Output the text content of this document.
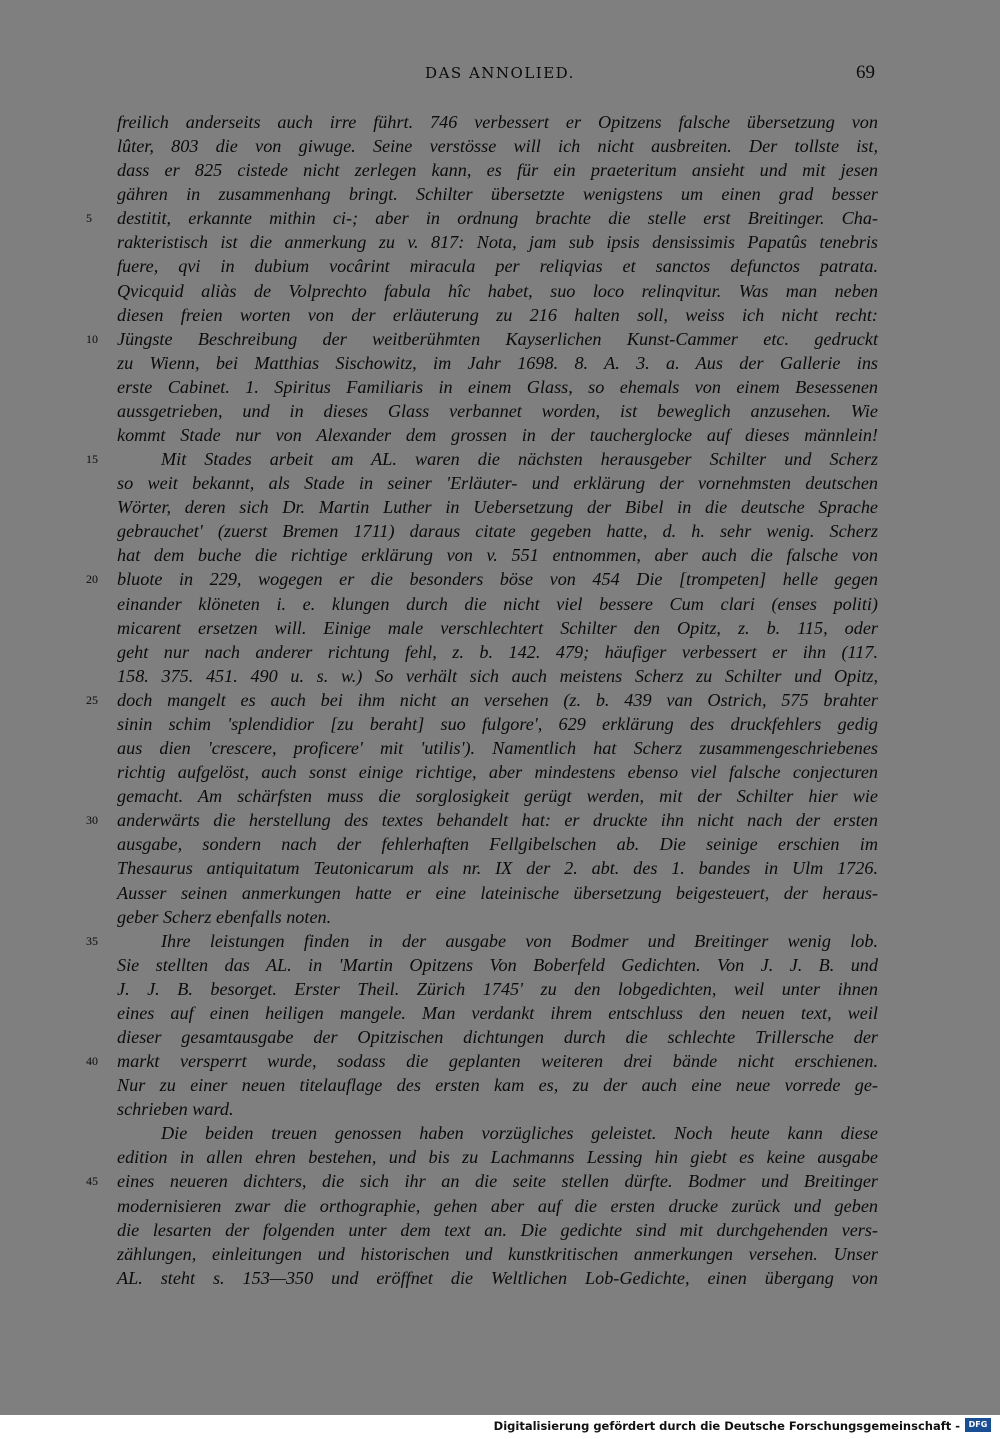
DAS ANNOLIED.	69
freilich anderseits auch irre führt. 746 verbessert er Opitzens falsche übersetzung von
lûter, 803 die von giwuge. Seine verstösse will ich nicht ausbreiten. Der tollste ist,
dass er 825 cistede nicht zerlegen kann, es für ein praeteritum ansieht und mit jesen
gähren in zusammenhang bringt. Schilter übersetzte wenigstens um einen grad besser
5 destitit, erkannte mithin ci-; aber in ordnung brachte die stelle erst Breitinger. Cha-
rakteristisch ist die anmerkung zu v. 817: Nota, jam sub ipsis densissimis Papatûs tenebris
fuere, qvi in dubium vocârint miracula per reliqvias et sanctos defunctos patrata.
Qvicquid aliàs de Volprechto fabula hîc habet, suo loco relinqvitur. Was man neben
diesen freien worten von der erläuterung zu 216 halten soll, weiss ich nicht recht:
10 Jüngste Beschreibung der weitberühmten Kayserlichen Kunst-Cammer etc. gedruckt
zu Wienn, bei Matthias Sischowitz, im Jahr 1698. 8. A. 3. a. Aus der Gallerie ins
erste Cabinet. 1. Spiritus Familiaris in einem Glass, so ehemals von einem Besessenen
aussgetrieben, und in dieses Glass verbannet worden, ist beweglich anzusehen. Wie
kommt Stade nur von Alexander dem grossen in der taucherglocke auf dieses männlein!
15	Mit Stades arbeit am AL. waren die nächsten herausgeber Schilter und Scherz
so weit bekannt, als Stade in seiner 'Erläuter- und erklärung der vornehmsten deutschen
Wörter, deren sich Dr. Martin Luther in Uebersetzung der Bibel in die deutsche Sprache
gebrauchet' (zuerst Bremen 1711) daraus citate gegeben hatte, d. h. sehr wenig. Scherz
hat dem buche die richtige erklärung von v. 551 entnommen, aber auch die falsche von
20 bluote in 229, wogegen er die besonders böse von 454 Die [trompeten] helle gegen
einander klöneten i. e. klungen durch die nicht viel bessere Cum clari (enses politi)
micarent ersetzen will. Einige male verschlechtert Schilter den Opitz, z. b. 115, oder
geht nur nach anderer richtung fehl, z. b. 142. 479; häufiger verbessert er ihn (117.
158. 375. 451. 490 u. s. w.) So verhält sich auch meistens Scherz zu Schilter und Opitz,
25 doch mangelt es auch bei ihm nicht an versehen (z. b. 439 van Ostrich, 575 brahter
sinin schim 'splendidior [zu beraht] suo fulgore', 629 erklärung des druckfehlers gedig
aus dien 'crescere, proficere' mit 'utilis'). Namentlich hat Scherz zusammengeschriebenes
richtig aufgelöst, auch sonst einige richtige, aber mindestens ebenso viel falsche conjecturen
gemacht. Am schärfsten muss die sorglosigkeit gerügt werden, mit der Schilter hier wie
30 anderwärts die herstellung des textes behandelt hat: er druckte ihn nicht nach der ersten
ausgabe, sondern nach der fehlerhaften Fellgibelschen ab. Die seinige erschien im
Thesaurus antiquitatum Teutonicarum als nr. IX der 2. abt. des 1. bandes in Ulm 1726.
Ausser seinen anmerkungen hatte er eine lateinische übersetzung beigesteuert, der heraus-
geber Scherz ebenfalls noten.
35	Ihre leistungen finden in der ausgabe von Bodmer und Breitinger wenig lob.
Sie stellten das AL. in 'Martin Opitzens Von Boberfeld Gedichten. Von J. J. B. und
J. J. B. besorget. Erster Theil. Zürich 1745' zu den lobgedichten, weil unter ihnen
eines auf einen heiligen mangele. Man verdankt ihrem entschluss den neuen text, weil
dieser gesamtausgabe der Opitzischen dichtungen durch die schlechte Trillersche der
40 markt versperrt wurde, sodass die geplanten weiteren drei bände nicht erschienen.
Nur zu einer neuen titelauflage des ersten kam es, zu der auch eine neue vorrede ge-
schrieben ward.
Die beiden treuen genossen haben vorzügliches geleistet. Noch heute kann diese
edition in allen ehren bestehen, und bis zu Lachmanns Lessing hin giebt es keine ausgabe
45 eines neueren dichters, die sich ihr an die seite stellen dürfte. Bodmer und Breitinger
modernisieren zwar die orthographie, gehen aber auf die ersten drucke zurück und geben
die lesarten der folgenden unter dem text an. Die gedichte sind mit durchgehenden vers-
zählungen, einleitungen und historischen und kunstkritischen anmerkungen versehen. Unser
AL. steht s. 153—350 und eröffnet die Weltlichen Lob-Gedichte, einen übergang von
Digitalisierung gefördert durch die Deutsche Forschungsgemeinschaft -	DFG
